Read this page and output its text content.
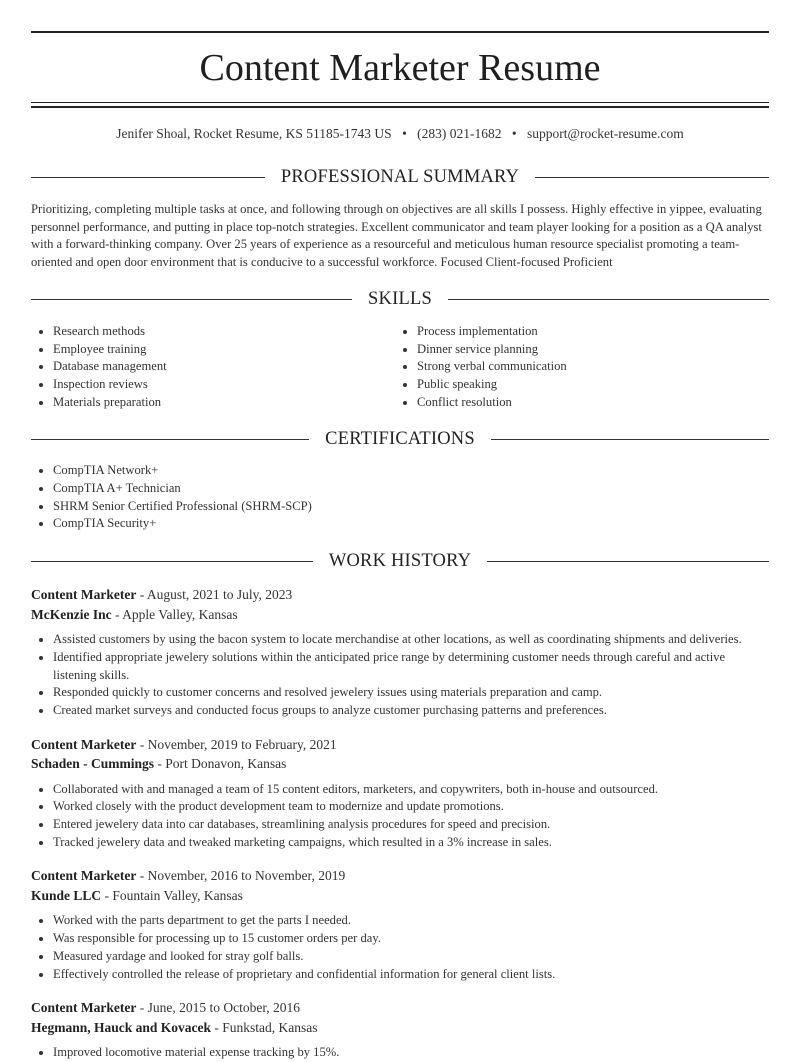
Content Marketer Resume
Jenifer Shoal, Rocket Resume, KS 51185-1743 US • (283) 021-1682 • support@rocket-resume.com
PROFESSIONAL SUMMARY

Prioritizing, completing multiple tasks at once, and following through on objectives are all skills I possess. Highly effective in yippee, evaluating personnel performance, and putting in place top-notch strategies. Excellent communicator and team player looking for a position as a QA analyst with a forward-thinking company. Over 25 years of experience as a resourceful and meticulous human resource specialist promoting a team-oriented and open door environment that is conducive to a successful workforce. Focused Client-focused Proficient

SKILLS
• Research methods
• Employee training
• Database management
• Inspection reviews
• Materials preparation
• Process implementation
• Dinner service planning
• Strong verbal communication
• Public speaking
• Conflict resolution
CERTIFICATIONS
• CompTIA Network+
• CompTIA A+ Technician
• SHRM Senior Certified Professional (SHRM-SCP)
• CompTIA Security+
WORK HISTORY
Content Marketer - August, 2021 to July, 2023
McKenzie Inc - Apple Valley, Kansas
• Assisted customers by using the bacon system to locate merchandise at other locations, as well as coordinating shipments and deliveries.
• Identified appropriate jewelery solutions within the anticipated price range by determining customer needs through careful and active listening skills.
• Responded quickly to customer concerns and resolved jewelery issues using materials preparation and camp.
• Created market surveys and conducted focus groups to analyze customer purchasing patterns and preferences.
Content Marketer - November, 2019 to February, 2021
Schaden - Cummings - Port Donavon, Kansas
• Collaborated with and managed a team of 15 content editors, marketers, and copywriters, both in-house and outsourced.
• Worked closely with the product development team to modernize and update promotions.
• Entered jewelery data into car databases, streamlining analysis procedures for speed and precision.
• Tracked jewelery data and tweaked marketing campaigns, which resulted in a 3% increase in sales.
Content Marketer - November, 2016 to November, 2019
Kunde LLC - Fountain Valley, Kansas
• Worked with the parts department to get the parts I needed.
• Was responsible for processing up to 15 customer orders per day.
• Measured yardage and looked for stray golf balls.
• Effectively controlled the release of proprietary and confidential information for general client lists.
Content Marketer - June, 2015 to October, 2016
Hegmann, Hauck and Kovacek - Funkstad, Kansas
• Improved locomotive material expense tracking by 15%.
